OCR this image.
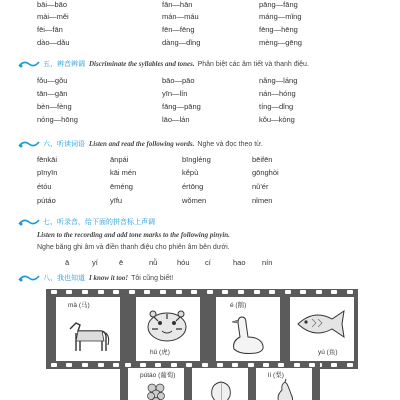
bāi—bāo	fān—hān	pāng—fāng
mài—měi	mán—máu	máng—mǐng
fēi—fān	fēn—fēng	fēng—hēng
dào—dǎu	dàng—dǐng	mèng—gēng
五、辨音辨调 Discriminate the syllables and tones. Phân biệt các âm tiết và thanh điệu.
fǒu—gǒu	bāo—pāo	nǎng—láng
tān—gān	yīn—lín	nán—hóng
bèn—fèng	fāng—pāng	tíng—dǐng
nóng—hōng	lāo—lán	kǒu—kòng
六、听读词语 Listen and read the following words. Nghe và đọc theo từ.
fēnkāi	ānpái	bīngléng	bēifēn
pīnyīn	kāi mén	kěpù	gōnghòi
étóu	ēméng	értōng	nǔ'ér
pútáo	yīfu	wǒmen	nǐmen
七、听录音，给下面的拼音标上声调
Listen to the recording and add tone marks to the following pinyin.
Nghe băng ghi âm và điền thanh điệu cho phiên âm bên dưới.
ā	yí	ē	nǚ	hóu cí	hao nín
八、我也知道 I know it too! Tôi cũng biết!
mǎ (马)
hǔ (虎)
é (鹅)
yú (鱼)
pútáo (葡萄)	lí (梨)
